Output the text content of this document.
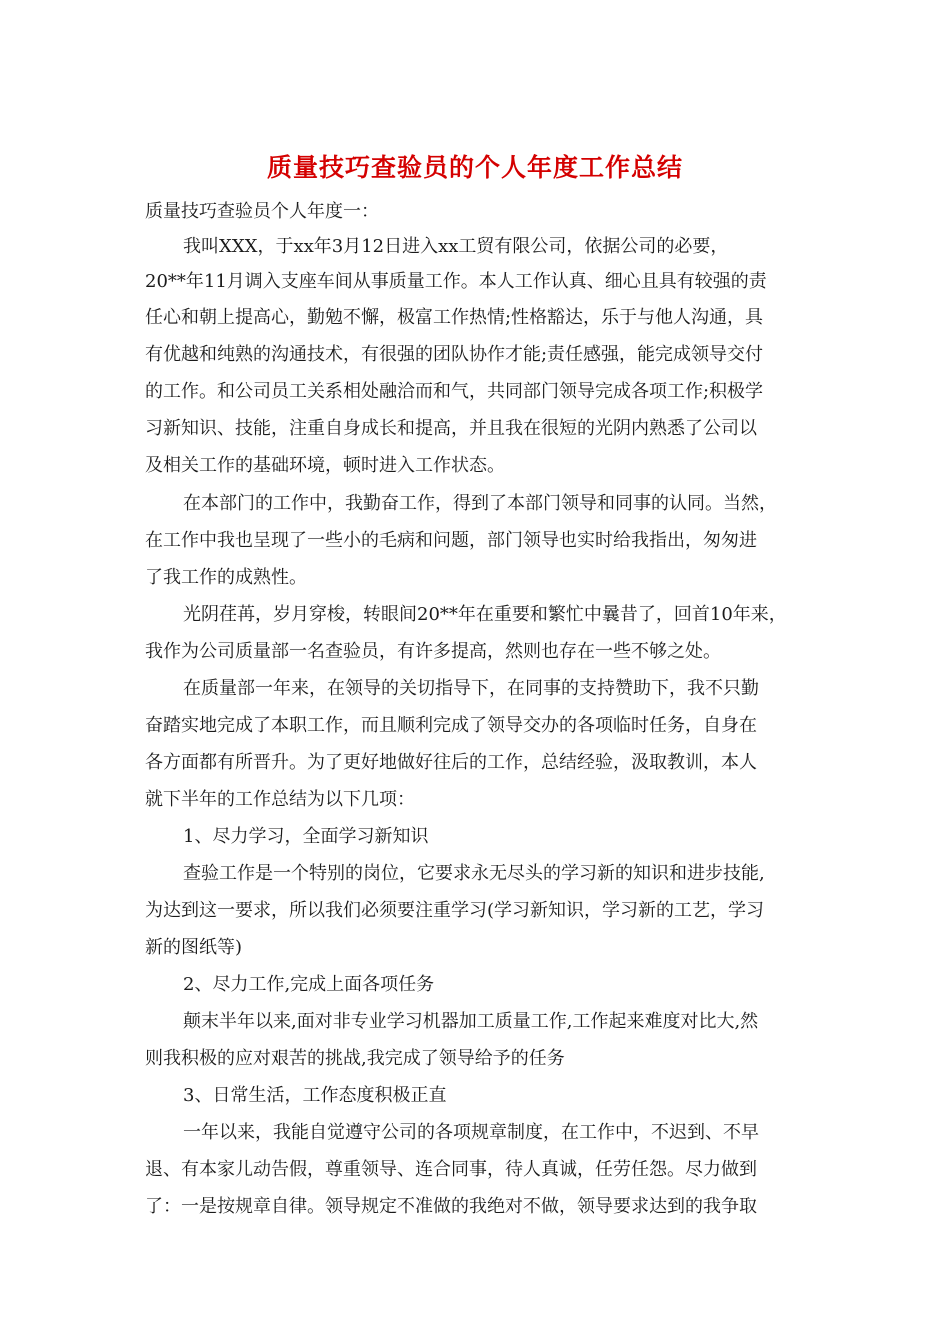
质量技巧查验员的个人年度工作总结
质量技巧查验员个人年度一：
我叫XXX，于xx年3月12日进入xx工贸有限公司，依据公司的必要，
20**年11月调入支座车间从事质量工作。本人工作认真、细心且具有较强的责
任心和朝上提高心，勤勉不懈，极富工作热情;性格豁达，乐于与他人沟通，具
有优越和纯熟的沟通技术，有很强的团队协作才能;责任感强，能完成领导交付
的工作。和公司员工关系相处融洽而和气，共同部门领导完成各项工作;积极学
习新知识、技能，注重自身成长和提高，并且我在很短的光阴内熟悉了公司以
及相关工作的基础环境，顿时进入工作状态。
在本部门的工作中，我勤奋工作，得到了本部门领导和同事的认同。当然，
在工作中我也呈现了一些小的毛病和问题，部门领导也实时给我指出，匆匆进
了我工作的成熟性。
光阴荏苒，岁月穿梭，转眼间20**年在重要和繁忙中曩昔了，回首10年来，
我作为公司质量部一名查验员，有许多提高，然则也存在一些不够之处。
在质量部一年来，在领导的关切指导下，在同事的支持赞助下，我不只勤
奋踏实地完成了本职工作，而且顺利完成了领导交办的各项临时任务，自身在
各方面都有所晋升。为了更好地做好往后的工作，总结经验，汲取教训，本人
就下半年的工作总结为以下几项：
1、尽力学习，全面学习新知识
查验工作是一个特别的岗位，它要求永无尽头的学习新的知识和进步技能,
为达到这一要求，所以我们必须要注重学习(学习新知识，学习新的工艺，学习
新的图纸等)
2、尽力工作,完成上面各项任务
颠末半年以来,面对非专业学习机器加工质量工作,工作起来难度对比大,然
则我积极的应对艰苦的挑战,我完成了领导给予的任务
3、日常生活，工作态度积极正直
一年以来，我能自觉遵守公司的各项规章制度，在工作中，不迟到、不早
退、有本家儿动告假，尊重领导、连合同事，待人真诚，任劳任怨。尽力做到
了：一是按规章自律。领导规定不准做的我绝对不做，领导要求达到的我争取
